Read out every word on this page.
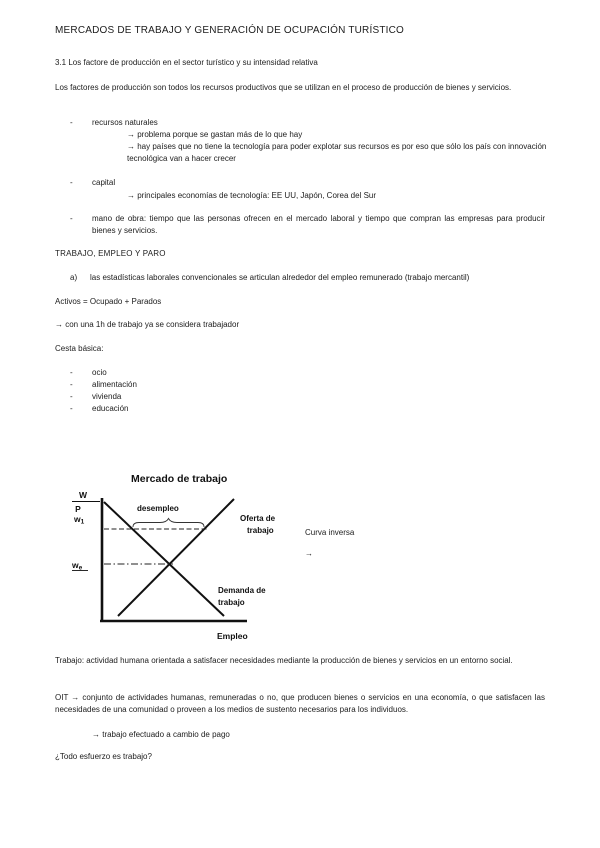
MERCADOS DE TRABAJO Y GENERACIÓN DE OCUPACIÓN TURÍSTICO
3.1 Los factore de producción en el sector turístico y su intensidad relativa

Los factores de producción son todos los recursos productivos que se utilizan en el proceso de producción de bienes y servicios.

-	recursos naturales
→ problema porque se gastan más de lo que hay
→ hay países que no tiene la tecnología para poder explotar sus recursos es por eso que sólo los país con innovación tecnológica van a hacer crecer
-	capital
→ principales economías de tecnología: EE UU, Japón, Corea del Sur
-	mano de obra: tiempo que las personas ofrecen en el mercado laboral y tiempo que compran las empresas para producir bienes y servicios.
TRABAJO, EMPLEO Y PARO
a)	las estadísticas laborales convencionales se articulan alrededor del empleo remunerado (trabajo mercantil)
Activos = Ocupado + Parados
→ con una 1h de trabajo ya se considera trabajador
Cesta básica:
-	ocio
-	alimentación
-	vivienda
-	educación
Mercado de trabajo
W
P
w1
we
desempleo
Oferta de
trabajo
Demanda de
trabajo
Empleo
Curva inversa
→

Trabajo: actividad humana orientada a satisfacer necesidades mediante la producción de bienes y servicios en un entorno social.

OIT → conjunto de actividades humanas, remuneradas o no, que producen bienes o servicios en una economía, o que satisfacen las necesidades de una comunidad o proveen a los medios de sustento necesarios para los individuos.

→ trabajo efectuado a cambio de pago
¿Todo esfuerzo es trabajo?
